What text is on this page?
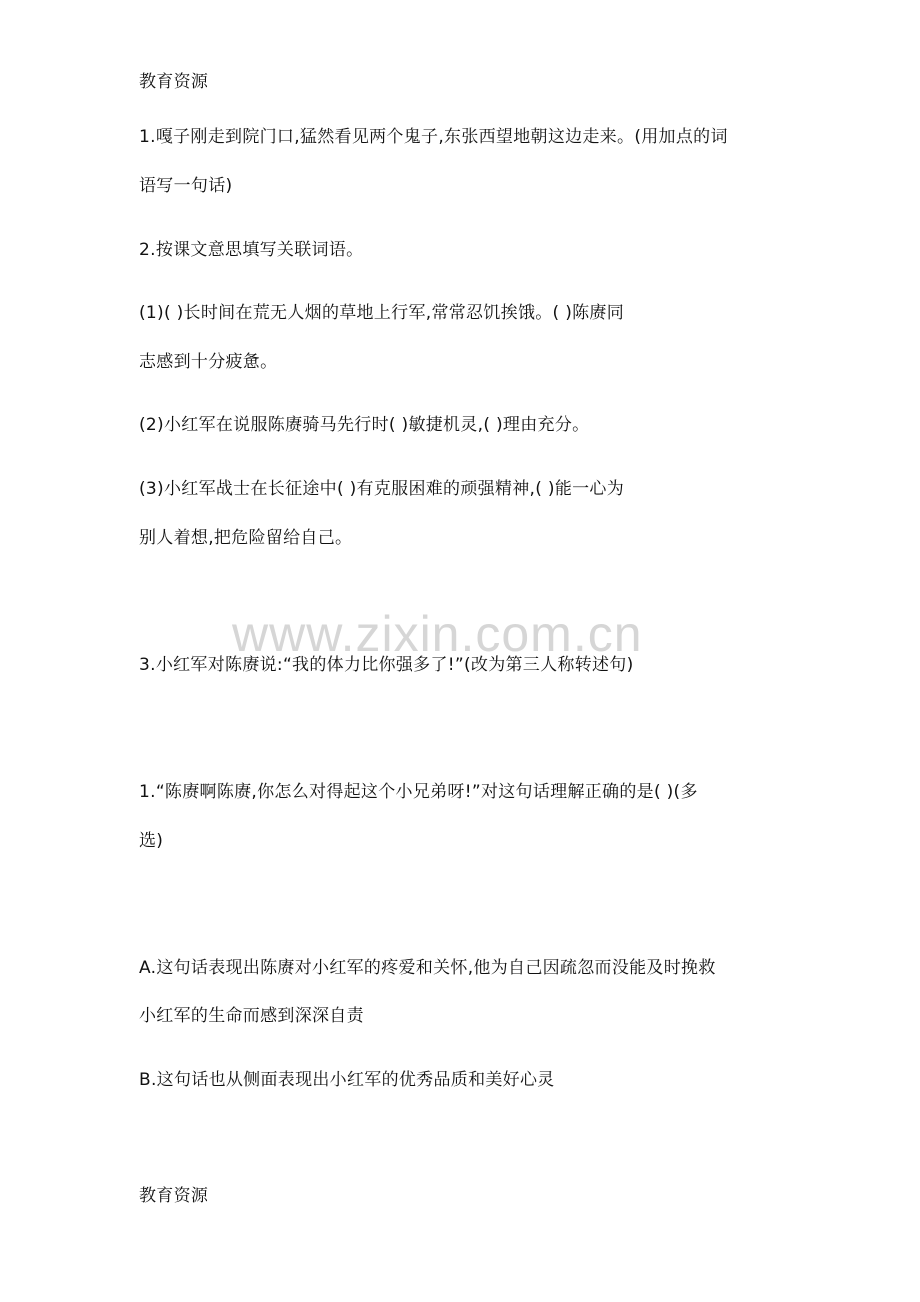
教育资源
1.嘎子刚走到院门口,猛然看见两个鬼子,东张西望地朝这边走来。(用加点的词
语写一句话)
2.按课文意思填写关联词语。
(1)( )长时间在荒无人烟的草地上行军,常常忍饥挨饿。( )陈赓同
志感到十分疲惫。
(2)小红军在说服陈赓骑马先行时( )敏捷机灵,( )理由充分。
(3)小红军战士在长征途中( )有克服困难的顽强精神,( )能一心为
别人着想,把危险留给自己。
www.zixin.com.cn
3.小红军对陈赓说:“我的体力比你强多了!”(改为第三人称转述句)
1.“陈赓啊陈赓,你怎么对得起这个小兄弟呀!”对这句话理解正确的是( )(多
选)
A.这句话表现出陈赓对小红军的疼爱和关怀,他为自己因疏忽而没能及时挽救
小红军的生命而感到深深自责
B.这句话也从侧面表现出小红军的优秀品质和美好心灵
教育资源
